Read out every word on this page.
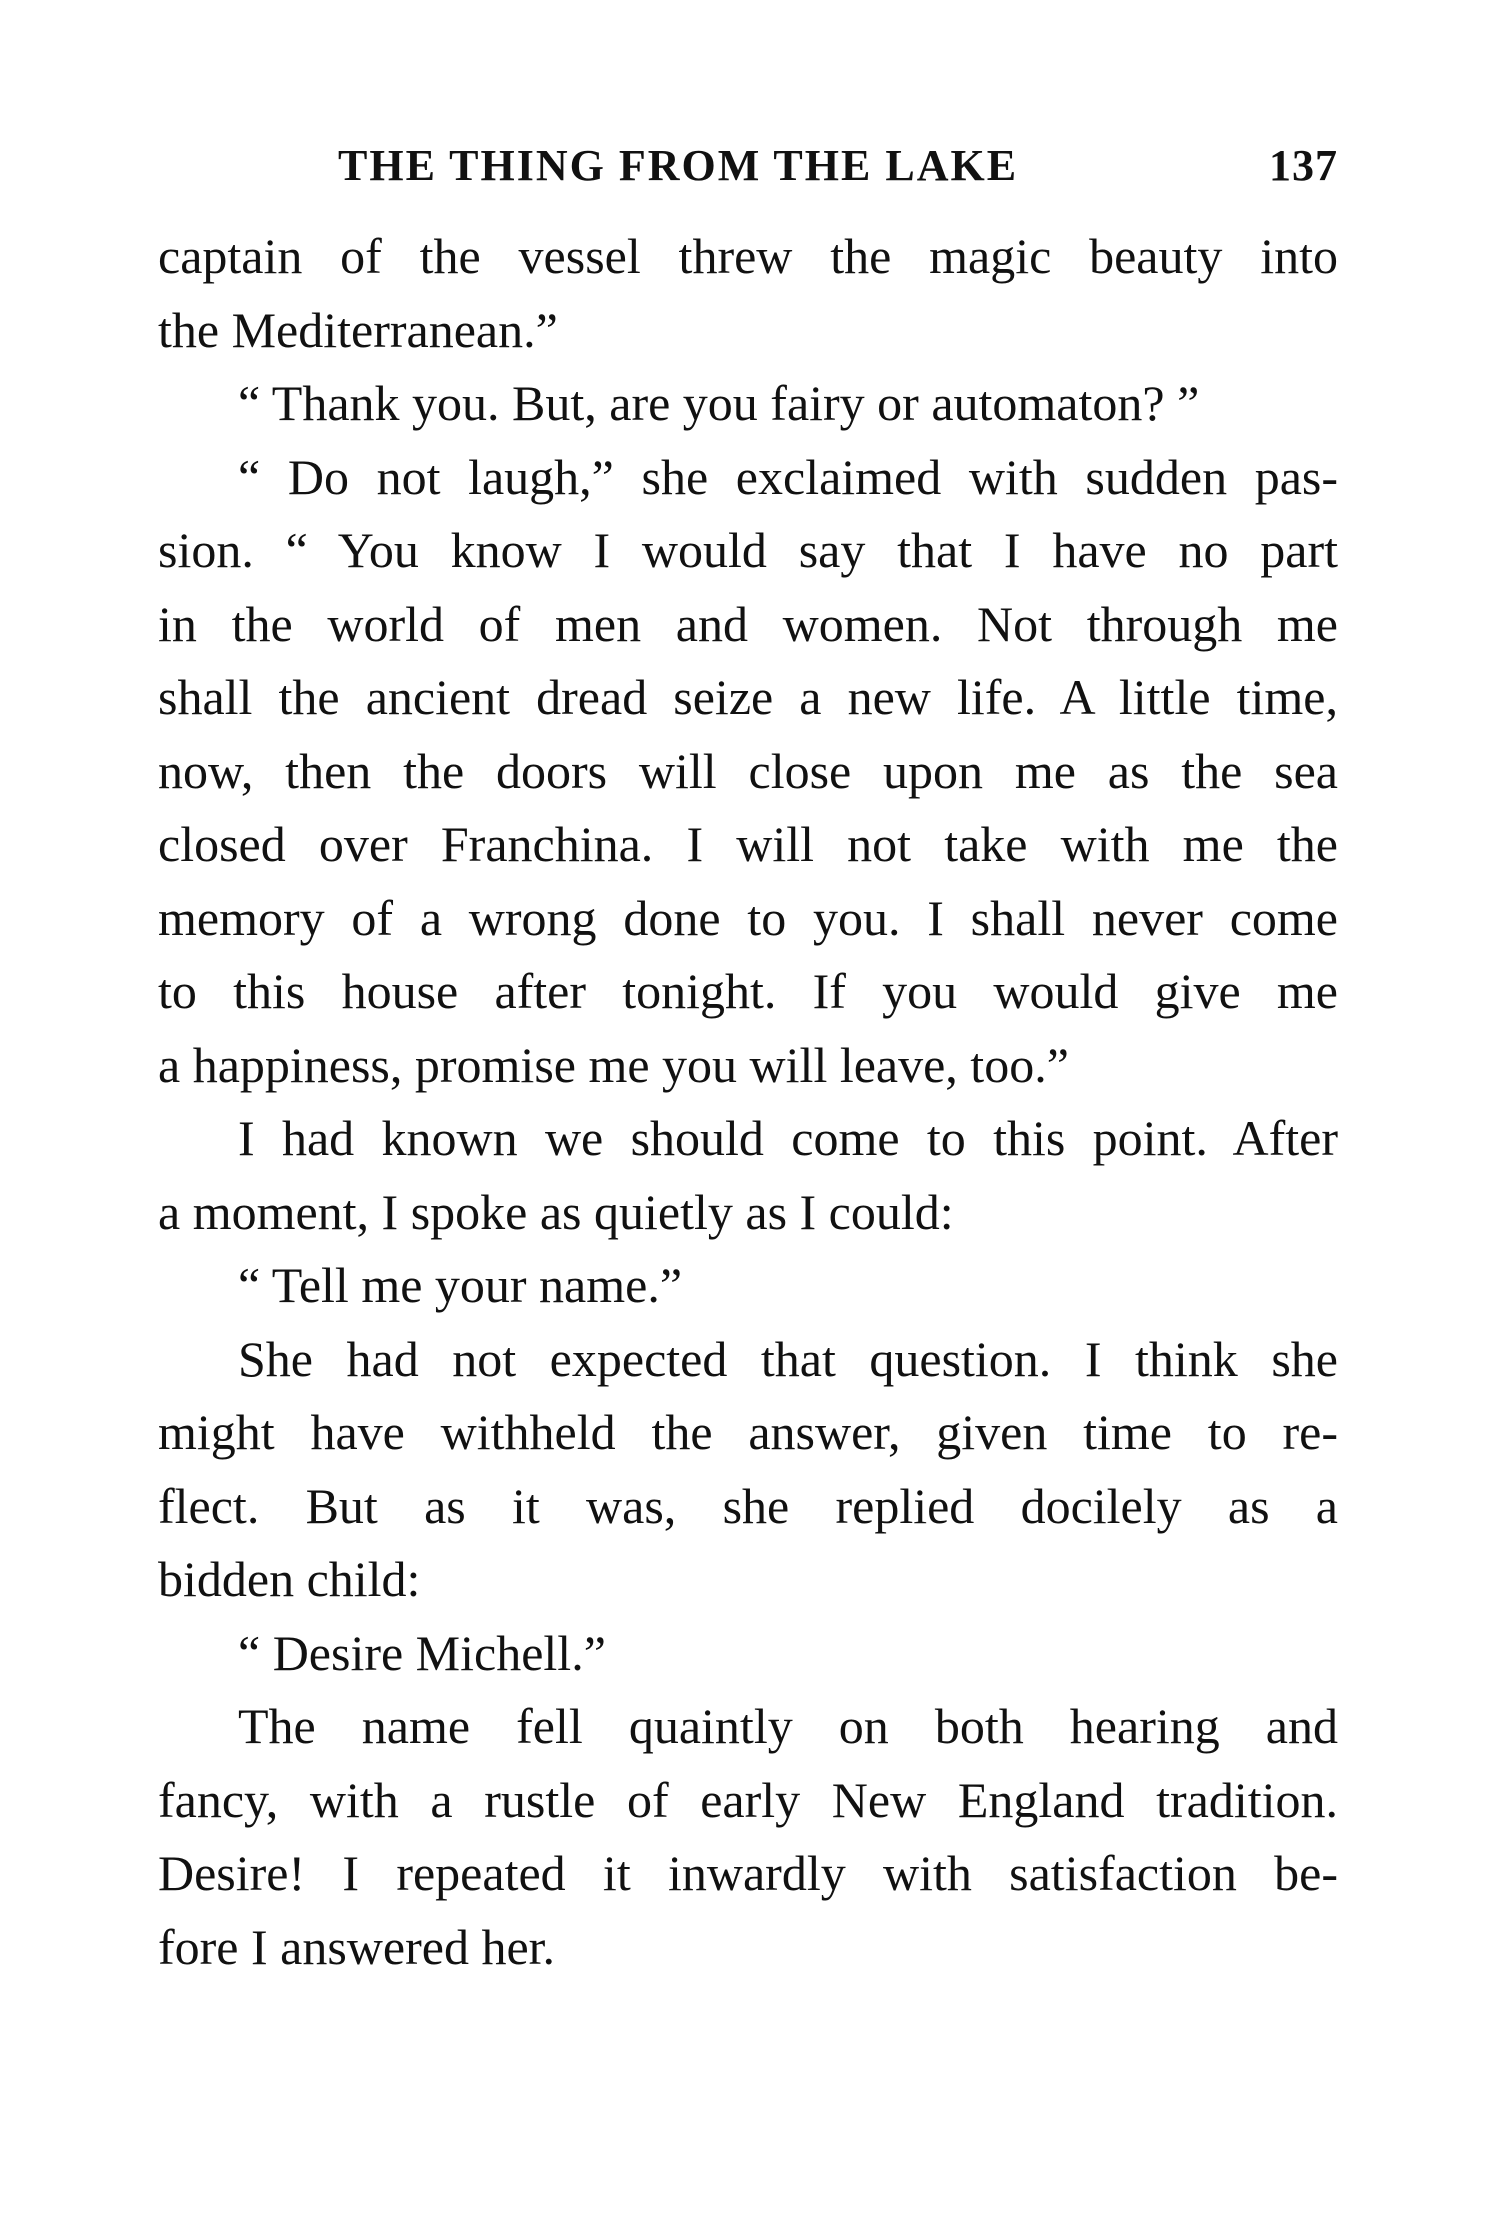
THE THING FROM THE LAKE	137
captain of the vessel threw the magic beauty into
the Mediterranean.”
“ Thank you. But, are you fairy or automaton? ”
“ Do not laugh,” she exclaimed with sudden pas-
sion. “ You know I would say that I have no part
in the world of men and women. Not through me
shall the ancient dread seize a new life. A little time,
now, then the doors will close upon me as the sea
closed over Franchina. I will not take with me the
memory of a wrong done to you. I shall never come
to this house after tonight. If you would give me
a happiness, promise me you will leave, too.”
I had known we should come to this point. After
a moment, I spoke as quietly as I could:
“ Tell me your name.”
She had not expected that question. I think she
might have withheld the answer, given time to re-
flect. But as it was, she replied docilely as a
bidden child:
“ Desire Michell.”
The name fell quaintly on both hearing and
fancy, with a rustle of early New England tradition.
Desire! I repeated it inwardly with satisfaction be-
fore I answered her.
